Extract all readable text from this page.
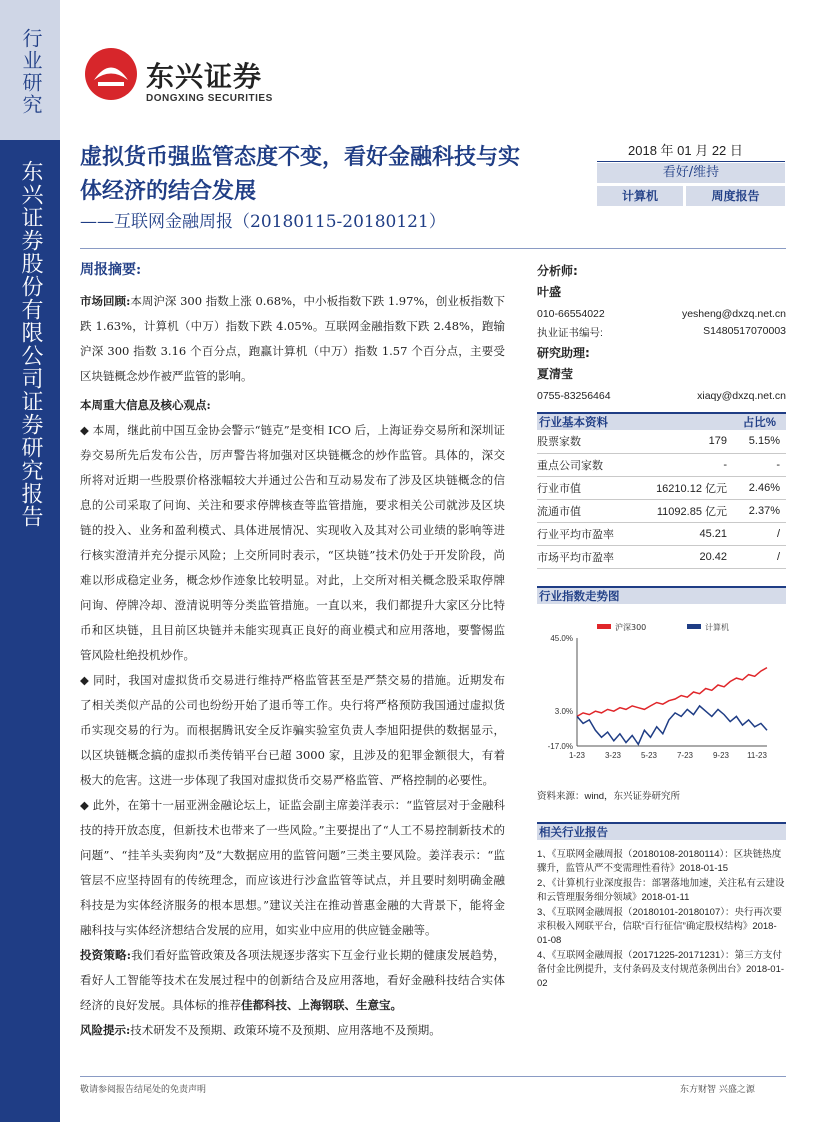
行业研究
东兴证券股份有限公司证券研究报告
东兴证券
DONGXING SECURITIES
虚拟货币强监管态度不变，看好金融科技与实体经济的结合发展
——互联网金融周报（20180115-20180121）
2018 年 01 月 22 日
看好/维持
计算机	周度报告
周报摘要:
市场回顾:本周沪深 300 指数上涨 0.68%，中小板指数下跌 1.97%，创业板指数下跌 1.63%，计算机（中万）指数下跌 4.05%。互联网金融指数下跌 2.48%，跑输沪深 300 指数 3.16 个百分点，跑赢计算机（中万）指数 1.57 个百分点，主要受区块链概念炒作被严监管的影响。
本周重大信息及核心观点:
◆ 本周，继此前中国互金协会警示“链克”是变相 ICO 后，上海证券交易所和深圳证券交易所先后发布公告，厉声警告将加强对区块链概念的炒作监管。具体的，深交所将对近期一些股票价格涨幅较大并通过公告和互动易发布了涉及区块链概念的信息的公司采取了问询、关注和要求停牌核查等监管措施，要求相关公司就涉及区块链的投入、业务和盈利模式、具体进展情况、实现收入及其对公司业绩的影响等进行核实澄清并充分提示风险；上交所同时表示，“区块链”技术仍处于开发阶段，尚难以形成稳定业务，概念炒作迹象比较明显。对此，上交所对相关概念股采取停牌问询、停牌冷却、澄清说明等分类监管措施。一直以来，我们都提升大家区分比特币和区块链，且目前区块链并未能实现真正良好的商业模式和应用落地，要警惕监管风险杜绝投机炒作。
◆ 同时，我国对虚拟货币交易进行维持严格监管甚至是严禁交易的措施。近期发布了相关类似产品的公司也纷纷开始了退币等工作。央行将严格预防我国通过虚拟货币实现交易的行为。而根据腾讯安全反诈骗实验室负责人李旭阳提供的数据显示，以区块链概念搞的虚拟币类传销平台已超 3000 家，且涉及的犯罪金额很大，有着极大的危害。这进一步体现了我国对虚拟货币交易严格监管、严格控制的必要性。
◆ 此外，在第十一届亚洲金融论坛上，证监会副主席姜洋表示：“监管层对于金融科技的持开放态度，但新技术也带来了一些风险。”主要提出了“人工不易控制新技术的问题”、“挂羊头卖狗肉”及“大数据应用的监管问题”三类主要风险。姜洋表示：“监管层不应坚持固有的传统理念，而应该进行沙盒监管等试点，并且要时刻明确金融科技是为实体经济服务的根本思想。”建议关注在推动普惠金融的大背景下，能将金融科技与实体经济想结合发展的应用，如实业中应用的供应链金融等。
投资策略:我们看好监管政策及各项法规逐步落实下互金行业长期的健康发展趋势，看好人工智能等技术在发展过程中的创新结合及应用落地，看好金融科技结合实体经济的良好发展。具体标的推荐佳都科技、上海钢联、生意宝。
风险提示:技术研发不及预期、政策环境不及预期、应用落地不及预期。
分析师:
叶盛
010-66554022	yesheng@dxzq.net.cn
执业证书编号:	S1480517070003
研究助理:
夏清莹
0755-83256464	xiaqy@dxzq.net.cn
行业基本资料	占比%
股票家数	179	5.15%
重点公司家数	-	-
行业市值	16210.12 亿元	2.46%
流通市值	11092.85 亿元	2.37%
行业平均市盈率	45.21	/
市场平均市盈率	20.42	/
行业指数走势图
45.0%
3.0%
-17.0%
1-23 3-23 5-23 7-23 9-23 11-23
沪深300	计算机
资料来源：wind，东兴证券研究所
相关行业报告
1、《互联网金融周报（20180108-20180114）：区块链热度骤升，监管从严不变需理性看待》2018-01-15
2、《计算机行业深度报告：部署落地加速，关注私有云建设和云管理服务细分领域》2018-01-11
3、《互联网金融周报（20180101-20180107）：央行再次要求积极入网联平台，信联“百行征信”确定股权结构》2018-01-08
4、《互联网金融周报（20171225-20171231）：第三方支付备付金比例提升，支付条码及支付规范条例出台》2018-01-02
敬请参阅报告结尾处的免责声明	东方财智 兴盛之源
